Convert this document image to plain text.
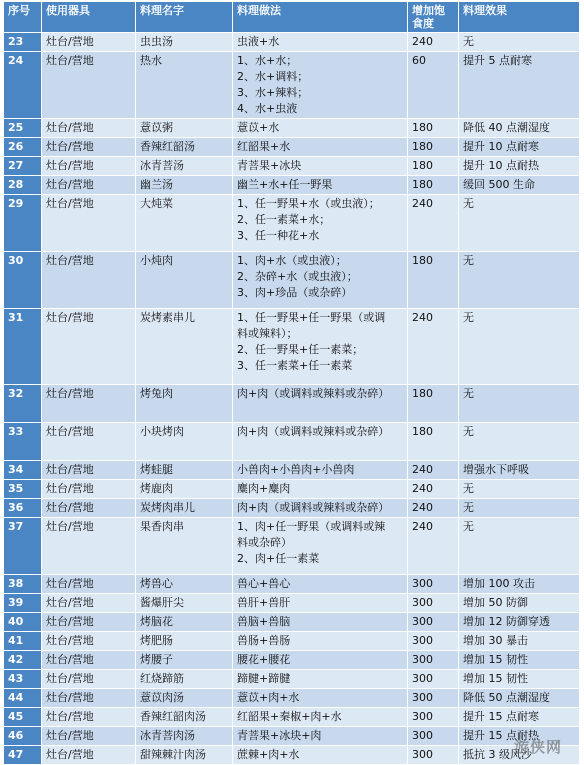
序号	使用器具	料理名字	料理做法	增加饱食度	料理效果
23	灶台/营地	虫虫汤	虫液+水	240	无
24	灶台/营地	热水	1、水+水；
2、水+调料；
3、水+辣料；
4、水+虫液	60	提升 5 点耐寒
25	灶台/营地	薏苡粥	薏苡+水	180	降低 40 点潮湿度
26	灶台/营地	香辣红韶汤	红韶果+水	180	提升 10 点耐寒
27	灶台/营地	冰青菩汤	青菩果+冰块	180	提升 10 点耐热
28	灶台/营地	幽兰汤	幽兰+水+任一野果	180	缓回 500 生命
29	灶台/营地	大炖菜	1、任一野果+水（或虫液）；
2、任一素菜+水；
3、任一种花+水	240	无
30	灶台/营地	小炖肉	1、肉+水（或虫液）；
2、杂碎+水（或虫液）；
3、肉+珍品（或杂碎）	180	无
31	灶台/营地	炭烤素串儿	1、任一野果+任一野果（或调
料或辣料）；
2、任一野果+任一素菜；
3、任一素菜+任一素菜	240	无
32	灶台/营地	烤兔肉	肉+肉（或调料或辣料或杂碎）	180	无
33	灶台/营地	小块烤肉	肉+肉（或调料或辣料或杂碎）	180	无
34	灶台/营地	烤蛙腿	小兽肉+小兽肉+小兽肉	240	增强水下呼吸
35	灶台/营地	烤鹿肉	麋肉+麋肉	240	无
36	灶台/营地	炭烤肉串儿	肉+肉（或调料或辣料或杂碎）	240	无
37	灶台/营地	果香肉串	1、肉+任一野果（或调料或辣
料或杂碎）
2、肉+任一素菜	240	无
38	灶台/营地	烤兽心	兽心+兽心	300	增加 100 攻击
39	灶台/营地	酱爆肝尖	兽肝+兽肝	300	增加 50 防御
40	灶台/营地	烤脑花	兽脑+兽脑	300	增加 12 防御穿透
41	灶台/营地	烤肥肠	兽肠+兽肠	300	增加 30 暴击
42	灶台/营地	烤腰子	腰花+腰花	300	增加 15 韧性
43	灶台/营地	红烧蹄筋	蹄腱+蹄腱	300	增加 15 韧性
44	灶台/营地	薏苡肉汤	薏苡+肉+水	300	降低 50 点潮湿度
45	灶台/营地	香辣红韶肉汤	红韶果+秦椒+肉+水	300	提升 15 点耐寒
46	灶台/营地	冰青菩肉汤	青菩果+冰块+肉	300	提升 15 点耐热
47	灶台/营地	甜辣棘汁肉汤	蔗棘+肉+水	300	抵抗 3 级风沙
游侠网
